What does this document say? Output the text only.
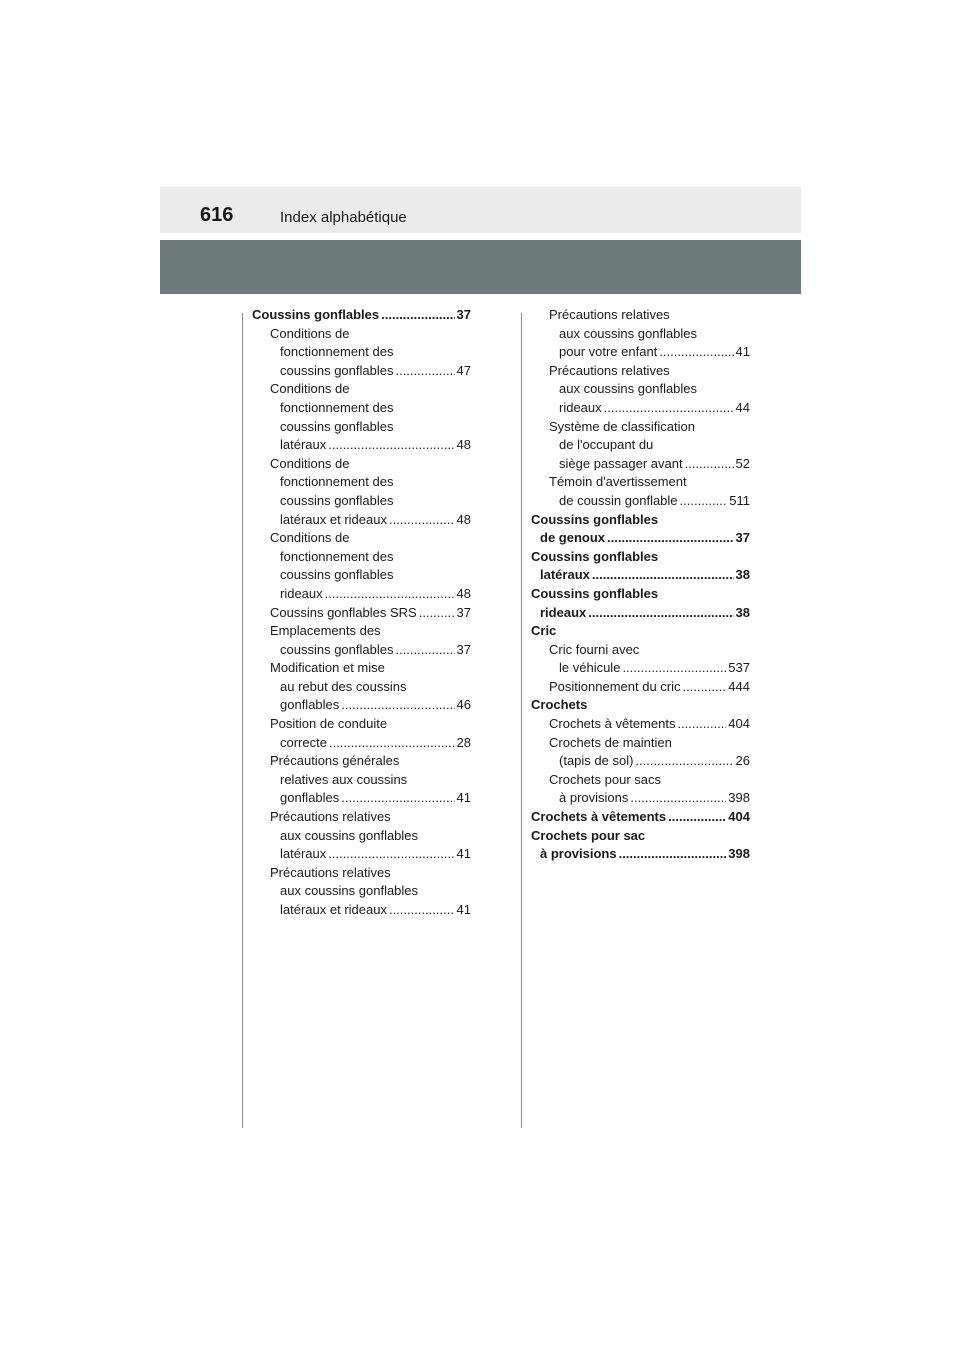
616	Index alphabétique
Coussins gonflables .....	37
Conditions de
fonctionnement des
coussins gonflables .....	47
Conditions de
fonctionnement des
coussins gonflables
latéraux .....	48
Conditions de
fonctionnement des
coussins gonflables
latéraux et rideaux .....	48
Conditions de
fonctionnement des
coussins gonflables
rideaux .....	48
Coussins gonflables SRS .....	37
Emplacements des
coussins gonflables .....	37
Modification et mise
au rebut des coussins
gonflables .....	46
Position de conduite
correcte .....	28
Précautions générales
relatives aux coussins
gonflables .....	41
Précautions relatives
aux coussins gonflables
latéraux .....	41
Précautions relatives
aux coussins gonflables
latéraux et rideaux .....	41
Précautions relatives
aux coussins gonflables
pour votre enfant .....	41
Précautions relatives
aux coussins gonflables
rideaux .....	44
Système de classification
de l'occupant du
siège passager avant .....	52
Témoin d'avertissement
de coussin gonflable .....	511
Coussins gonflables
de genoux .....	37
Coussins gonflables
latéraux .....	38
Coussins gonflables
rideaux .....	38
Cric
Cric fourni avec
le véhicule .....	537
Positionnement du cric .....	444
Crochets
Crochets à vêtements .....	404
Crochets de maintien
(tapis de sol) .....	26
Crochets pour sacs
à provisions .....	398
Crochets à vêtements .....	404
Crochets pour sac
à provisions .....	398
